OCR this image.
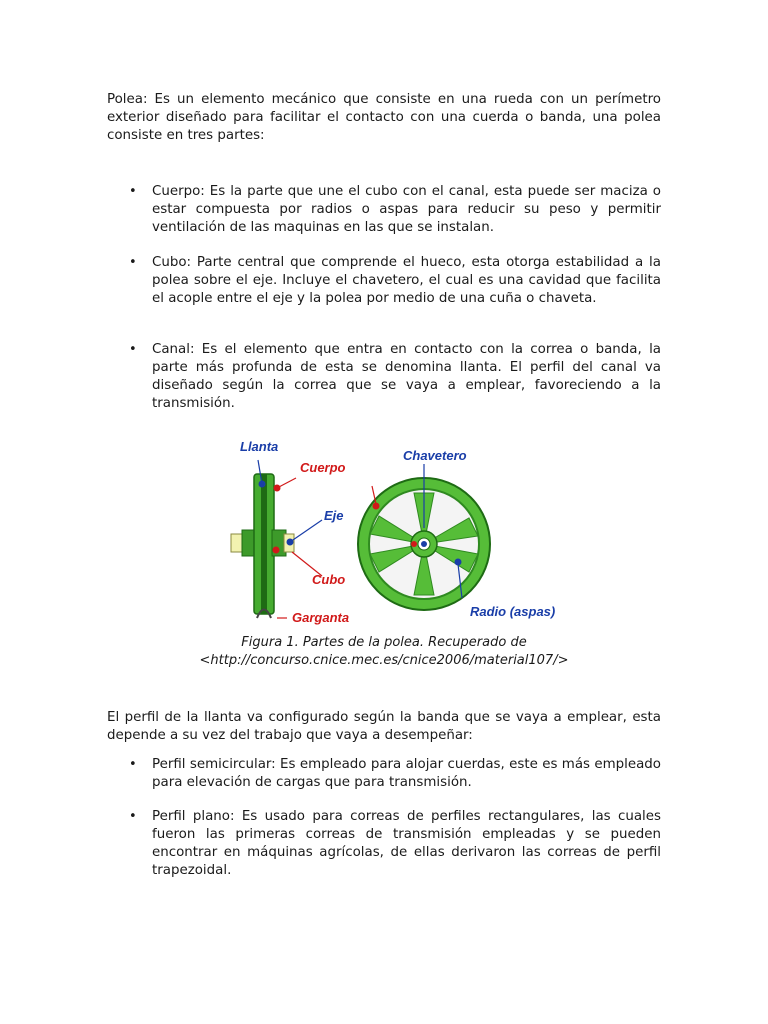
Polea: Es un elemento mecánico que consiste en una rueda con un perímetro exterior diseñado para facilitar el contacto con una cuerda o banda, una polea consiste en tres partes:

• Cuerpo: Es la parte que une el cubo con el canal, esta puede ser maciza o estar compuesta por radios o aspas para reducir su peso y permitir ventilación de las maquinas en las que se instalan.
• Cubo: Parte central que comprende el hueco, esta otorga estabilidad a la polea sobre el eje. Incluye el chavetero, el cual es una cavidad que facilita el acople entre el eje y la polea por medio de una cuña o chaveta.
• Canal: Es el elemento que entra en contacto con la correa o banda, la parte más profunda de esta se denomina llanta. El perfil del canal va diseñado según la correa que se vaya a emplear, favoreciendo a la transmisión.
Llanta
Cuerpo
Eje
Cubo
Garganta
Chavetero
Radio (aspas)
Figura 1. Partes de la polea. Recuperado de
<http://concurso.cnice.mec.es/cnice2006/material107/>

El perfil de la llanta va configurado según la banda que se vaya a emplear, esta depende a su vez del trabajo que vaya a desempeñar:

• Perfil semicircular: Es empleado para alojar cuerdas, este es más empleado para elevación de cargas que para transmisión.
• Perfil plano: Es usado para correas de perfiles rectangulares, las cuales fueron las primeras correas de transmisión empleadas y se pueden encontrar en máquinas agrícolas, de ellas derivaron las correas de perfil trapezoidal.
